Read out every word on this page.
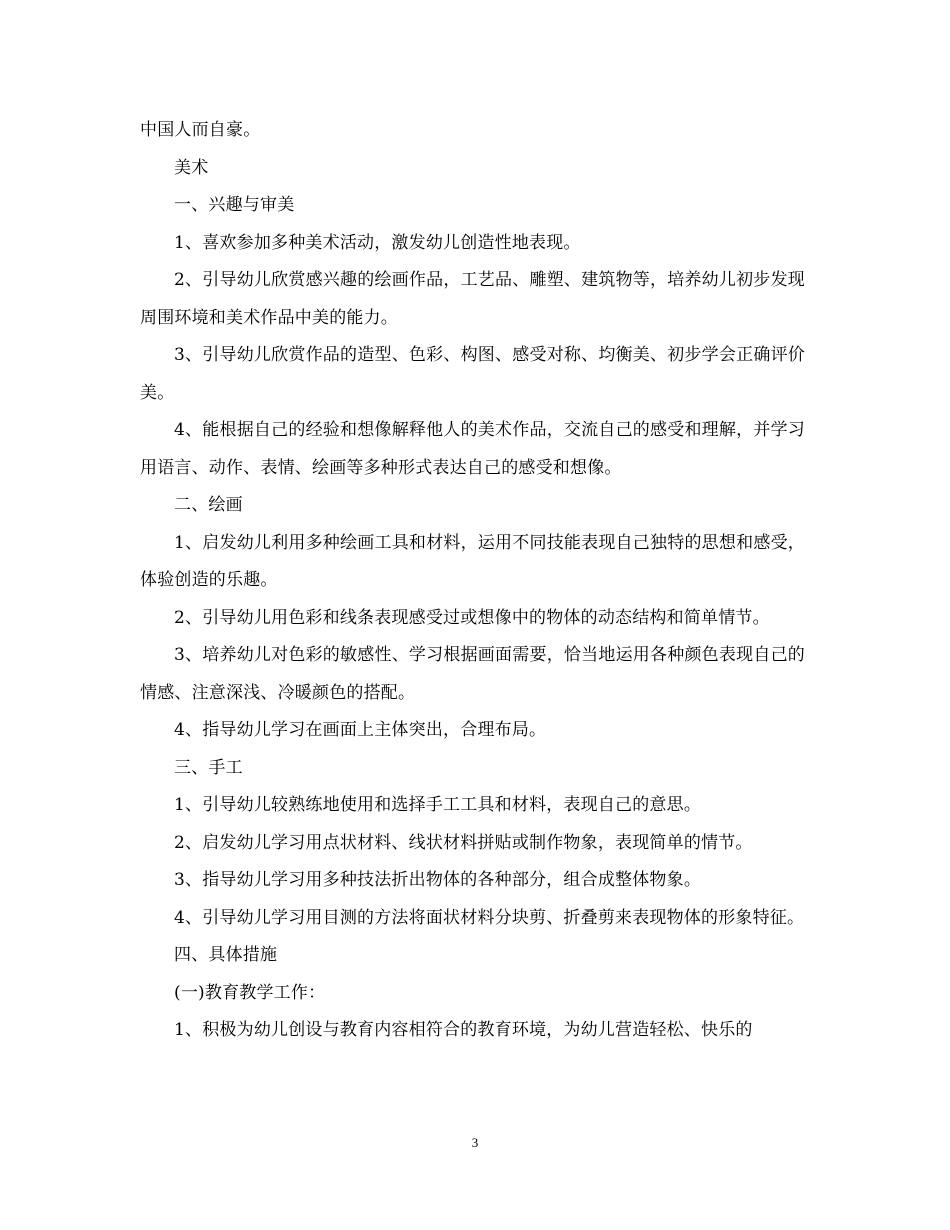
中国人而自豪。

美术

一、兴趣与审美

1、喜欢参加多种美术活动，激发幼儿创造性地表现。

2、引导幼儿欣赏感兴趣的绘画作品，工艺品、雕塑、建筑物等，培养幼儿初步发现周围环境和美术作品中美的能力。

3、引导幼儿欣赏作品的造型、色彩、构图、感受对称、均衡美、初步学会正确评价美。

4、能根据自己的经验和想像解释他人的美术作品，交流自己的感受和理解，并学习用语言、动作、表情、绘画等多种形式表达自己的感受和想像。

二、绘画

1、启发幼儿利用多种绘画工具和材料，运用不同技能表现自己独特的思想和感受，体验创造的乐趣。

2、引导幼儿用色彩和线条表现感受过或想像中的物体的动态结构和简单情节。

3、培养幼儿对色彩的敏感性、学习根据画面需要，恰当地运用各种颜色表现自己的情感、注意深浅、冷暖颜色的搭配。

4、指导幼儿学习在画面上主体突出，合理布局。

三、手工

1、引导幼儿较熟练地使用和选择手工工具和材料，表现自己的意思。

2、启发幼儿学习用点状材料、线状材料拼贴或制作物象，表现简单的情节。

3、指导幼儿学习用多种技法折出物体的各种部分，组合成整体物象。

4、引导幼儿学习用目测的方法将面状材料分块剪、折叠剪来表现物体的形象特征。

四、具体措施

(一)教育教学工作：

1、积极为幼儿创设与教育内容相符合的教育环境，为幼儿营造轻松、快乐的

3
